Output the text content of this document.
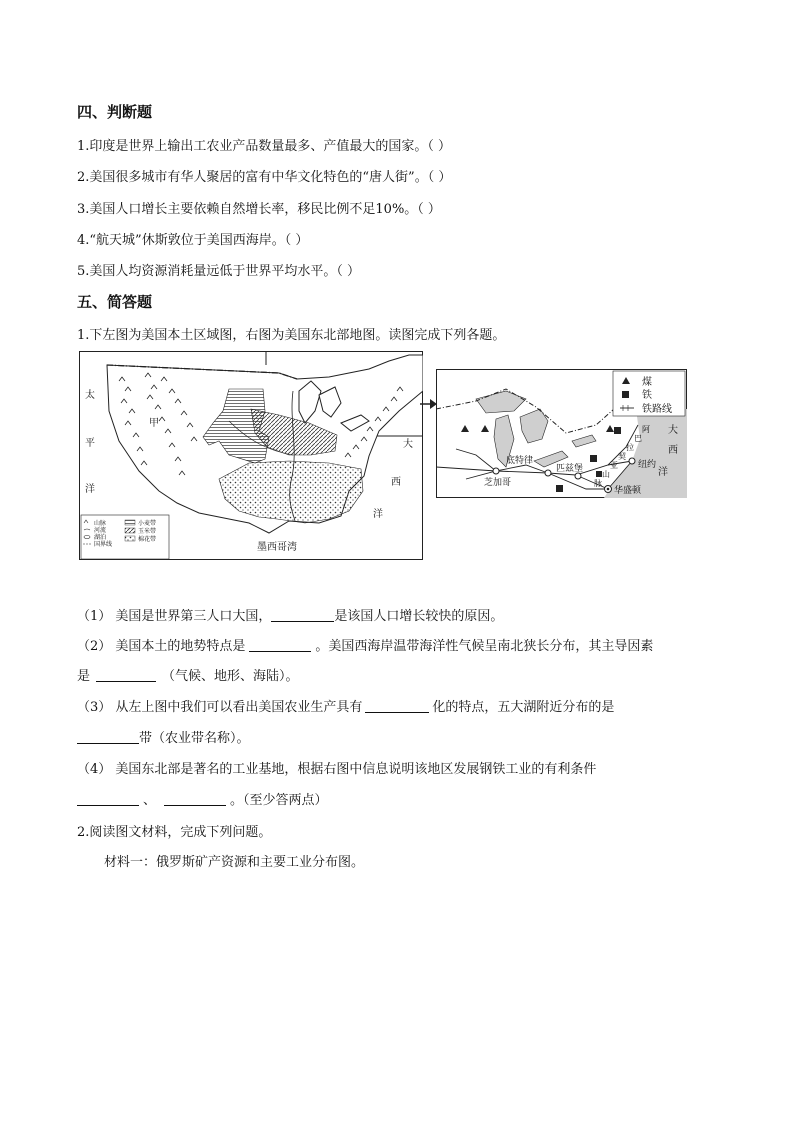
四、判断题
1.印度是世界上输出工农业产品数量最多、产值最大的国家。（ ）
2.美国很多城市有华人聚居的富有中华文化特色的“唐人街”。（ ）
3.美国人口增长主要依赖自然增长率，移民比例不足10%。（ ）
4.“航天城”休斯敦位于美国西海岸。（ ）
5.美国人均资源消耗量远低于世界平均水平。（ ）
五、简答题
1.下左图为美国本土区域图，右图为美国东北部地图。读图完成下列各题。
太
平
洋
甲
大
西
洋
墨西哥湾
山脉
河流
湖泊
国界线
小麦带
玉米带
棉花带
煤
铁
铁路线
底特律
芝加哥
匹兹堡	纽约
华盛顿
阿
巴
拉
契
亚
山
脉
大
西
洋
（1） 美国是世界第三人口大国，	是该国人口增长较快的原因。
（2） 美国本土的地势特点是	。美国西海岸温带海洋性气候呈南北狭长分布，其主导因素
是	（气候、地形、海陆）。
（3） 从左上图中我们可以看出美国农业生产具有	化的特点，五大湖附近分布的是
带（农业带名称）。
（4） 美国东北部是著名的工业基地，根据右图中信息说明该地区发展钢铁工业的有利条件
、	。（至少答两点）
2.阅读图文材料，完成下列问题。
材料一：俄罗斯矿产资源和主要工业分布图。
